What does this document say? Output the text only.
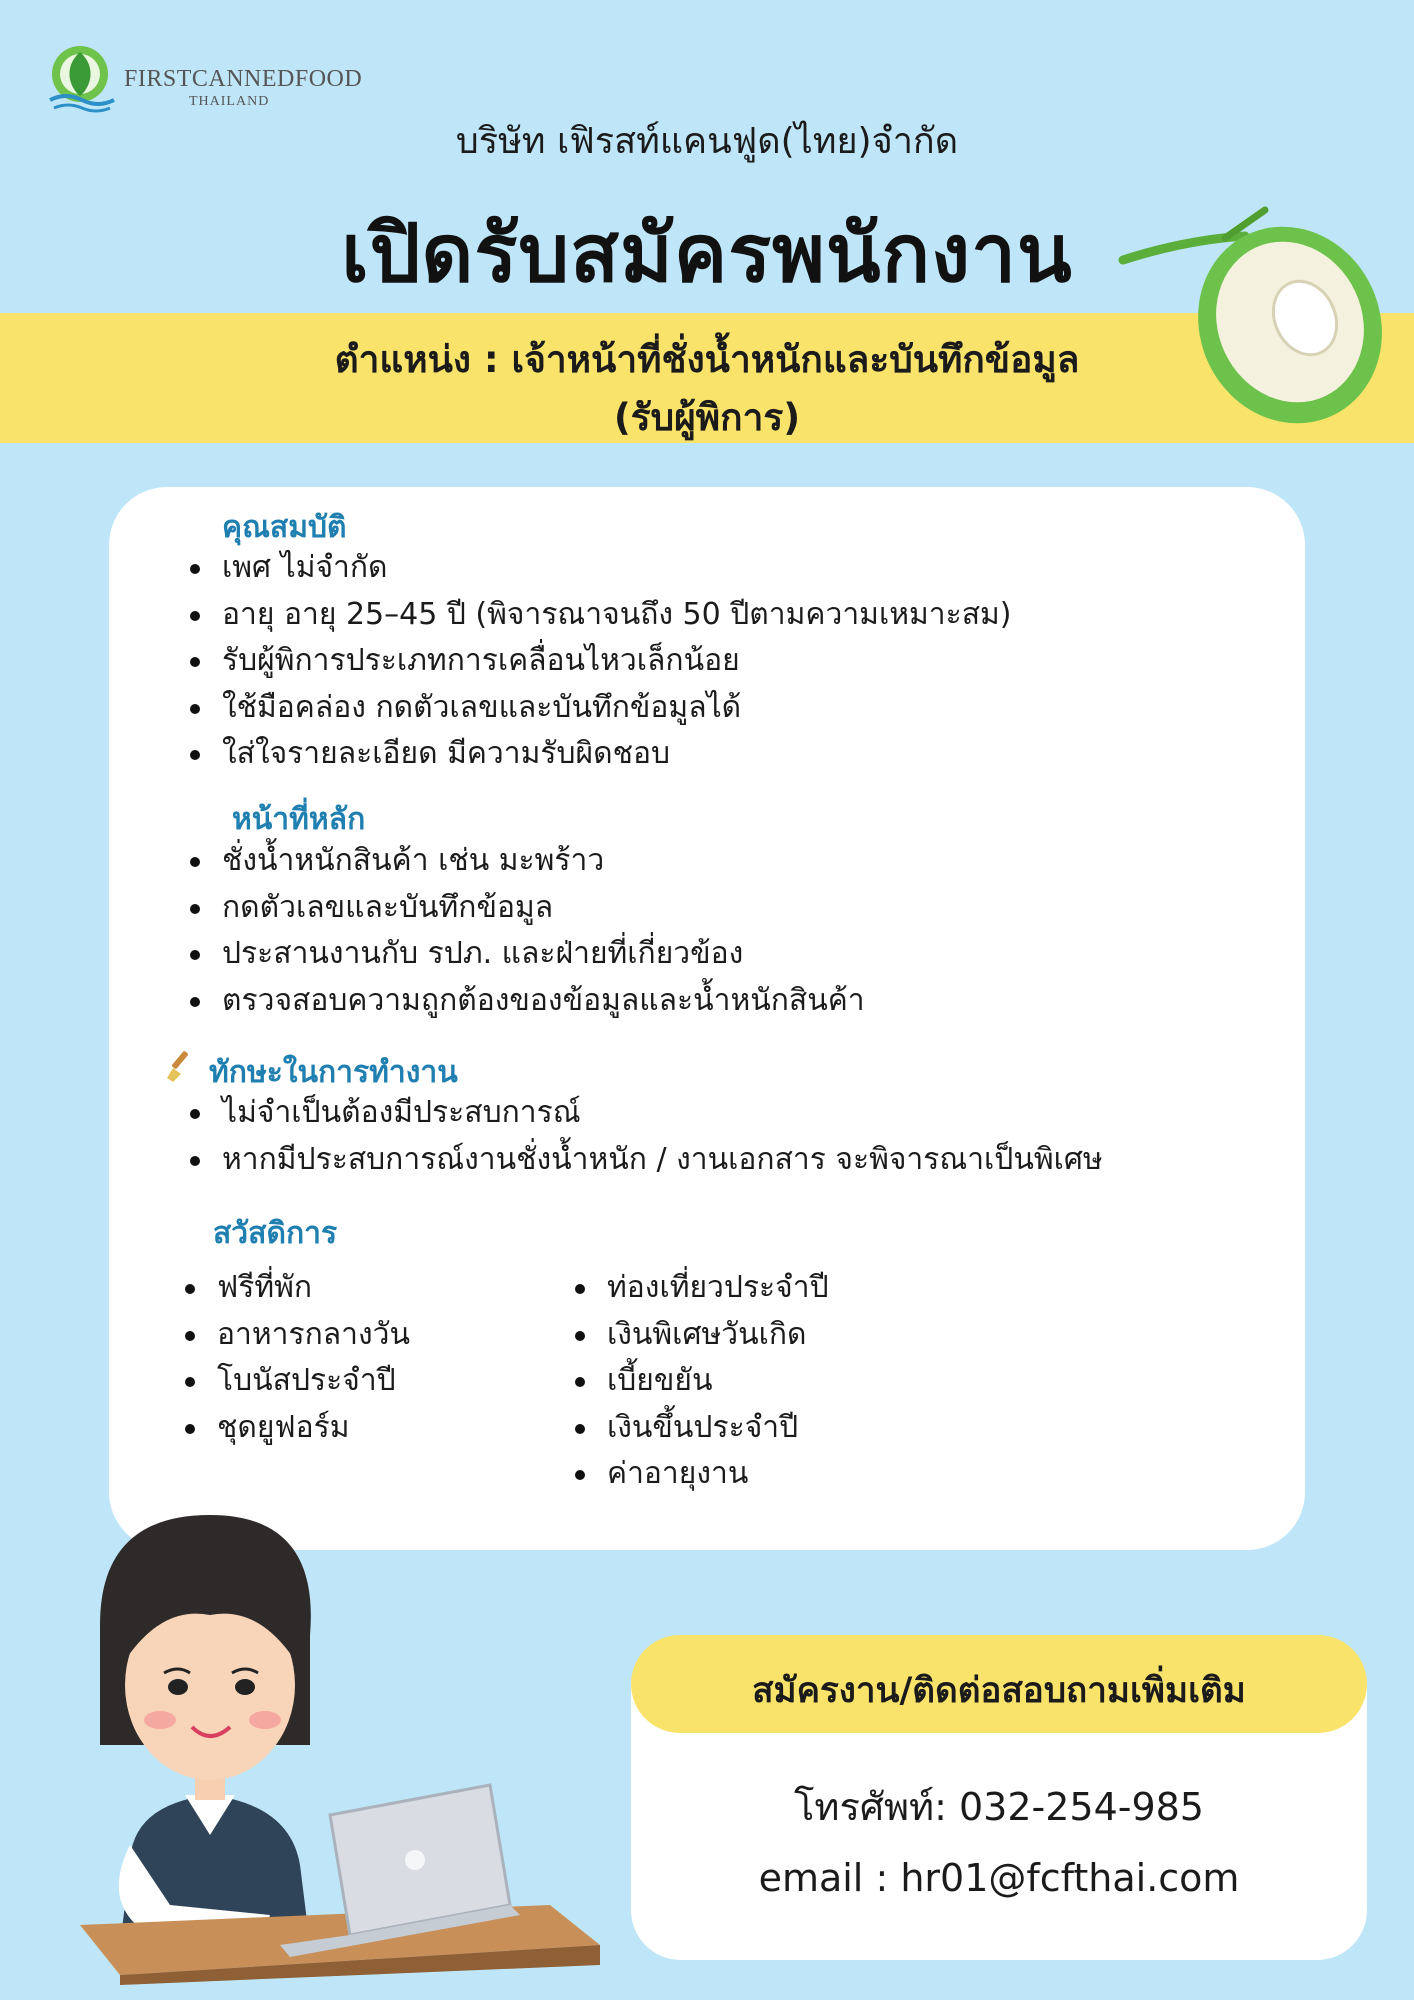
FIRSTCANNEDFOOD
THAILAND
บริษัท เฟิรสท์แคนฟูด(ไทย)จำกัด
เปิดรับสมัครพนักงาน
ตำแหน่ง : เจ้าหน้าที่ชั่งน้ำหนักและบันทึกข้อมูล
(รับผู้พิการ)
คุณสมบัติ
เพศ ไม่จำกัด
อายุ อายุ 25–45 ปี (พิจารณาจนถึง 50 ปีตามความเหมาะสม)
รับผู้พิการประเภทการเคลื่อนไหวเล็กน้อย
ใช้มือคล่อง กดตัวเลขและบันทึกข้อมูลได้
ใส่ใจรายละเอียด มีความรับผิดชอบ
หน้าที่หลัก
ชั่งน้ำหนักสินค้า เช่น มะพร้าว
กดตัวเลขและบันทึกข้อมูล
ประสานงานกับ รปภ. และฝ่ายที่เกี่ยวข้อง
ตรวจสอบความถูกต้องของข้อมูลและน้ำหนักสินค้า
ทักษะในการทำงาน
ไม่จำเป็นต้องมีประสบการณ์
หากมีประสบการณ์งานชั่งน้ำหนัก / งานเอกสาร จะพิจารณาเป็นพิเศษ
สวัสดิการ
ฟรีที่พัก
อาหารกลางวัน
โบนัสประจำปี
ชุดยูฟอร์ม
ท่องเที่ยวประจำปี
เงินพิเศษวันเกิด
เบี้ยขยัน
เงินขึ้นประจำปี
ค่าอายุงาน
สมัครงาน/ติดต่อสอบถามเพิ่มเติม
โทรศัพท์: 032-254-985
email : hr01@fcfthai.com
